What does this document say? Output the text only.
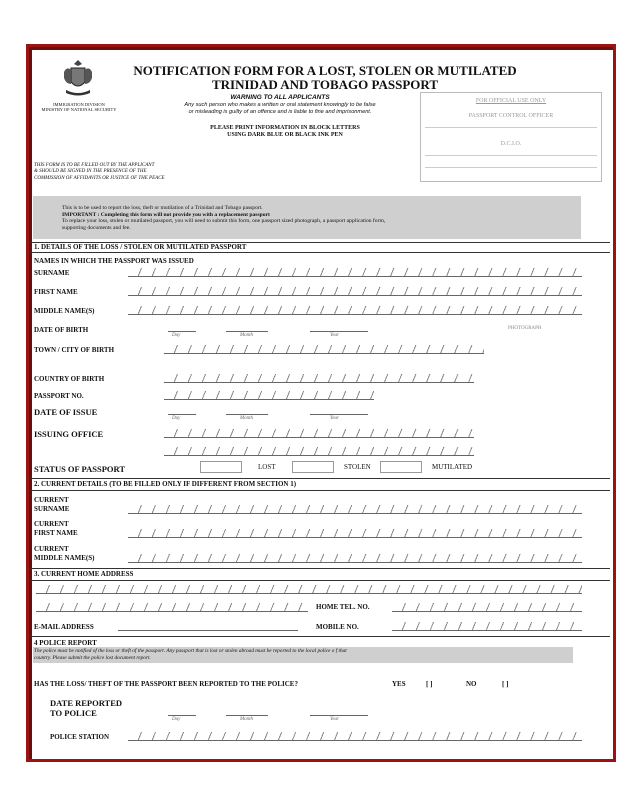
IMMIGRATION DIVISION
MINISTRY OF NATIONAL SECURITY
NOTIFICATION FORM FOR A LOST, STOLEN OR MUTILATED
TRINIDAD AND TOBAGO PASSPORT
WARNING TO ALL APPLICANTS
Any such person who makes a written or oral statement knowingly to be false
or misleading is guilty of an offence and is liable to fine and imprisonment.
PLEASE PRINT INFORMATION IN BLOCK LETTERS
USING DARK BLUE OR BLACK INK PEN
THIS FORM IS TO BE FILLED OUT BY THE APPLICANT
& SHOULD BE SIGNED IN THE PRESENCE OF THE
COMMISSION OF AFFIDAVITS OR JUSTICE OF THE PEACE
FOR OFFICIAL USE ONLY
PASSPORT CONTROL OFFICER
D.C.I.O.
This is to be used to report the loss, theft or mutilation of a Trinidad and Tobago passport.
IMPORTANT : Completing this form will not provide you with a replacement passport
To replace your loss, stolen or mutilated passport, you will need to submit this form, one passport sized photograph, a passport application form,
supporting documents and fee.
1. DETAILS OF THE LOSS / STOLEN OR MUTILATED PASSPORT
NAMES IN WHICH THE PASSPORT WAS ISSUED
SURNAME
FIRST NAME
MIDDLE NAME(S)
DATE OF BIRTH
Day	Month	Year
PHOTOGRAPH
TOWN / CITY OF BIRTH
COUNTRY OF BIRTH
PASSPORT NO.
DATE OF ISSUE
Day	Month	Year
ISSUING OFFICE
STATUS OF PASSPORT	LOST	STOLEN	MUTILATED
2. CURRENT DETAILS (TO BE FILLED ONLY IF DIFFERENT FROM SECTION 1)
CURRENT
SURNAME
CURRENT
FIRST NAME
CURRENT
MIDDLE NAME(S)
3. CURRENT HOME ADDRESS
HOME TEL. NO.
E-MAIL ADDRESS	MOBILE NO.
4 POLICE REPORT
The police must be notified of the loss or theft of the passport. Any passport that is lost or stolen abroad must be reported to the local police o f that
country. Please submit the police lost document report.
HAS THE LOSS/ THEFT OF THE PASSPORT BEEN REPORTED TO THE POLICE?	YES	[ ]	NO	[ ]
DATE REPORTED
TO POLICE
Day	Month	Year
POLICE STATION
